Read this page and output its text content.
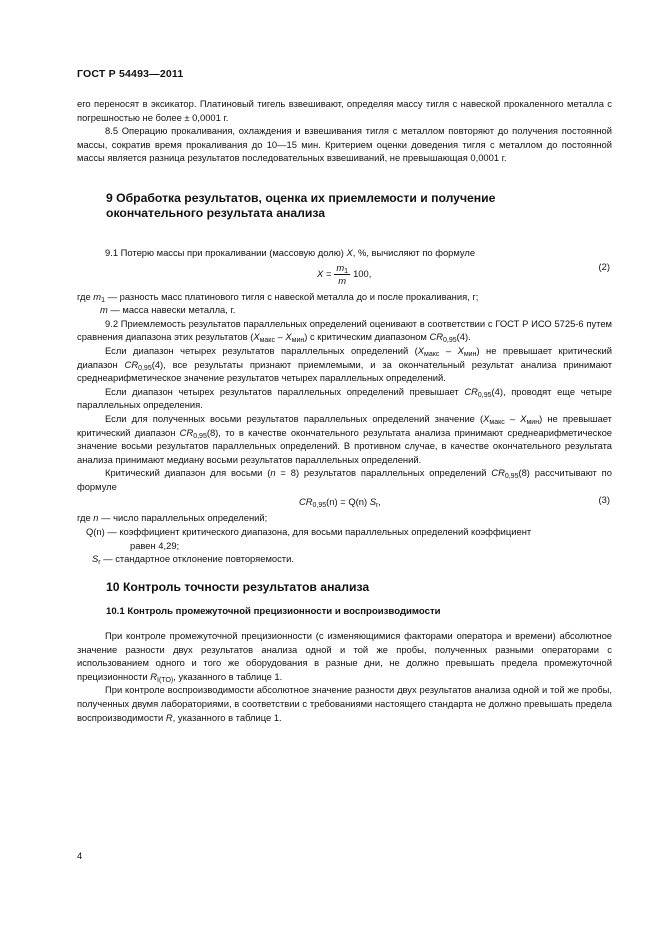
ГОСТ Р 54493—2011

его переносят в эксикатор. Платиновый тигель взвешивают, определяя массу тигля с навеской прокаленного металла с погрешностью не более ± 0,0001 г.

8.5 Операцию прокаливания, охлаждения и взвешивания тигля с металлом повторяют до получения постоянной массы, сократив время прокаливания до 10—15 мин. Критерием оценки доведения тигля с металлом до постоянной массы является разница результатов последовательных взвешиваний, не превышающая 0,0001 г.

9 Обработка результатов, оценка их приемлемости и получение
окончательного результата анализа

9.1 Потерю массы при прокаливании (массовую долю) X, %, вычисляют по формуле

$X = \frac{m_1}{m} 100$,
(2)

где $m_1$ — разность масс платинового тигля с навеской металла до и после прокаливания, г;

m — масса навески металла, г.

9.2 Приемлемость результатов параллельных определений оценивают в соответствии с ГОСТ Р ИСО 5725-6 путем сравнения диапазона этих результатов $(X_{макс} - X_{мин})$ с критическим диапазоном $CR_{0,95}(4)$.

Если диапазон четырех результатов параллельных определений $(X_{макс} - X_{мин})$ не превышает критический диапазон $CR_{0,95}(4)$, все результаты признают приемлемыми, и за окончательный результат анализа принимают среднеарифметическое значение результатов четырех параллельных определений.

Если диапазон четырех результатов параллельных определений превышает $CR_{0,95}(4)$, проводят еще четыре параллельных определения.

Если для полученных восьми результатов параллельных определений значение $(X_{макс} - X_{мин})$ не превышает критический диапазон $CR_{0,95}(8)$, то в качестве окончательного результата анализа принимают среднеарифметическое значение восьми результатов параллельных определений. В противном случае, в качестве окончательного результата анализа принимают медиану восьми результатов параллельных определений.

Критический диапазон для восьми (n = 8) результатов параллельных определений $CR_{0,95}(8)$ рассчитывают по формуле

$CR_{0,95}(n) = Q(n)$ $S_r$,	(3)

где n — число параллельных определений;

Q(n) — коэффициент критического диапазона, для восьми параллельных определений коэффициент

равен 4,29;

$S_r$ — стандартное отклонение повторяемости.

10 Контроль точности результатов анализа
10.1 Контроль промежуточной прецизионности и воспроизводимости

При контроле промежуточной прецизионности (с изменяющимися факторами оператора и времени) абсолютное значение разности двух результатов анализа одной и той же пробы, полученных разными операторами с использованием одного и того же оборудования в разные дни, не должно превышать предела промежуточной прецизионности $R_{I(TO)}$, указанного в таблице 1.

При контроле воспроизводимости абсолютное значение разности двух результатов анализа одной и той же пробы, полученных двумя лабораториями, в соответствии с требованиями настоящего стандарта не должно превышать предела воспроизводимости R, указанного в таблице 1.

4
